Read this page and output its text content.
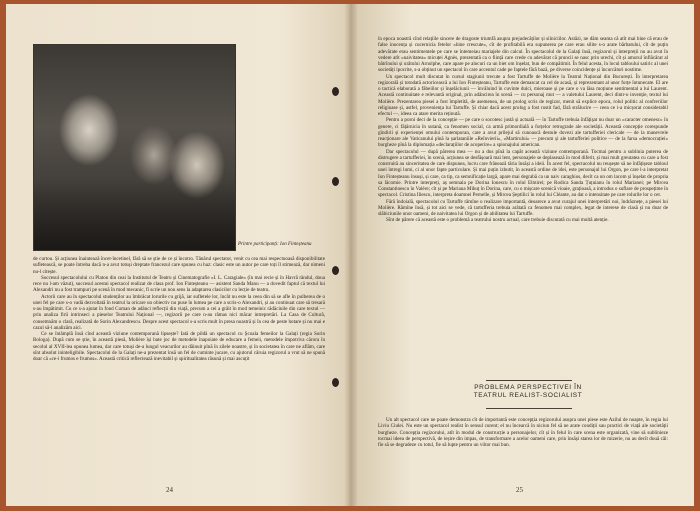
Printre participanți: Ion Finteșteanu

de curtou. Și acțiunea înaintează încet-încetinel, fără să se știe de ce și încotro. Tânărul spectator, venit cu cea mai respectuoasă disponibilitate sufletească, se poate întreba dacă n-a avut totuși dreptate francezul care spunea cu haz: clasic este un autor pe care toți îl stimează, dar nimeni nu-l citește.

Succesul spectacolului cu Platon din ceai la Institutul de Teatru și Cinematografie «I. L. Caragiale» (în mai recie și în Havră rândul, doua rece nu l-am văzut), succesul acestui spectacol realizat de clasa prof. Ion Finteșteanu — asistent Sanda Manu — a dovedit faptul că textul lui Alexandri nu a fost trampuri pe scenă în mod mecanic, fi scrie un nou sens la adaptarea clasicilor cu lecție de teatru.

Actorii care au în spectacolul studenților au îmbrăcat lorurile cu grijă, iar sufletele lor, încât nu este la ceea din să se afle în pulberea de o unei fel pe care s-o vadă dezvoltată în teatrul la oricare un obiectiv nu puse în lumea pe care a scris-o Alexandri, și au continuat care să tresară s-au împătimit. Cu ce s-a ajutat în fond Coman de adânci reflecții din viață, precum a cei a grăit în mod temeinic rădăcinile din care textul — prin analiza firii intrinseci a pieselor Teatrului Național —, regizorii pe care n-au rămas nici măcar intrepretări. La Casa de Cultură, consemnăm o clară, realizată de Sorin Alexandrescu. Despre acest spectacol s-a scris mult în presa noastră și în cea de peste hotare și nu mai e cazul să-l analizăm aici.

Ce se întâmplă însă cînd această viziune contemporană lipsește? Iată de pildă un spectacol cu Școala femeilor la Galați (regia Sorin Bologa). După cum se știe, în această piesă, Molière își bate joc de metodele înapoiate de educare a femeii, metodele împotriva cărora în secolul al XVII-lea opunea lumea, dar care totuși de-a lungul veacurilor au dăinuit pînă în zilele noastre, și în societatea în care ne aflăm, care sînt absolut ininteligibile. Spectacolul de la Galați ne-a prezentat însă un fel de cuminte jucare, cu ajutorul căruia regizorul a vrut să ne spună doar că «ce-i frumos e frumos». Această critică reflectează inevitabil și spiritualitatea răsună și mai ascuțit

24

în epoca noastră cînd relațiile sincere de dragoste triumfă asupra prejudecăților și silniciilor. Astăzi, ne dăm seama că atît mai bine că erau de false inocența și cucernicia fetelor «bine crescute», cît de profitabilă era supunerea pe care erau silite s-o arate bărbatului, cît de puțin adevărate erau sentimentele pe care se întemeiau mariajele din calcul. În spectacolul de la Galați însă, regizorul și interpreții nu au avut în vedere atît «naivitatea» micuței Agnès, prezentată ca o ființă care crede cu adevărat că pruncii se nasc prin urechi, cît și amorul înflăcărat al bătrînului și urâtului Arnolphe, care apare pe alocuri ca un biet om înșelat, bun de compătimit. În felul acesta, în locul tabloului satiric al unei societăți ipocrite, s-a obținut un spectacol în care accentul cade pe faptele fără bază, pe diverse coincidențe și încurcături nostime.

Un spectacol mult discutat în cursul stagiunii trecute a fost Tartuffe de Molière la Teatrul Național din București. În interpretarea regizorală și totodată actoricească a lui Ion Finteșteanu, Tartuffe este demascat ca cel de acasă, și reprezentant al unor forțe întunecate. El are o tactică elaborată a făbeiilor și înșelăciunii — învăluind în cuvinte dulci, mieroase și pe care o va lăsa moțiune sentimental a lui Laurent. Această continuitate e relevantă original, prin adâncirea în scenă — cu personaj mut — a valetului Laurent, deci dintr-o invenție, textul lui Molière. Prezentarea piesei a fost împletită, de asemenea, de un prolog scris de regizor, menit să explice epoca, rolul politic al confreriilor religioase și, astfel, proveniența lui Tartuffe. Și chiar dacă acest prolog a fost rostit fad, fără strălucire — ceea ce i-a micșorat considerabil efectul —, ideea ca atare merita reținută.

Pentru a porni deci de la concepție — pe care o socotesc justă și actuală — în Tartuffe trebuia înfățișat nu doar un «caracter omenesc» în genere, ci fățărnicia în sutană, ca fenomen social, ca armă primordială a forțelor retrograde ale societății. Această concepție corespunde gîndirii și experienței omului contemporan, care a avut prilejul să cunoască destule dovezi ale tartufferiei clericale — de la manevrele reacționare ale Vaticanului pînă la șarlataniile «Reînvierii», «Martirului» — precum și ale tartufferiei politice — de la farsa «democrației» burgheze pînă la diplomația «declarațiilor de acoperire» a spionajului american.

Dar spectacolul — după părerea mea — nu a dus pînă la capăt această viziune contemporană. Tocmai pentru a sublinia puterea de distrugere a tartufferiei, în scenă, acțiunea se desfășoară mai lent, personajele se deplasează în mod diferit, și mai mult greutatea cu care a fost construită au sinceritatea de care dispunea, lucru care frânează tăria însăși a ideii. În acest fel, spectacolul nu reușește să ne înfățișeze tabloul unei întregi lumi, ci al unor fapte particulare. Și mai puțin izbutit, în această ordine de idei, este personajul lui Orgon, pe care l-a interpretat Ion Finteșteanu însuși, și care, ca tip, ca semnificație largă, apare mai degrabă ca un naiv caraghios, decît ca un om lacom și înșelat de propria sa lăcomie. Printre interpreți, aș semnala pe Dorina Ionescu în rolul Elmirei; pe Rodica Sanda Țuțuianu în rolul Marianei; pe Mircea Constantinescu în Valère; cît și pe Mariana Mihuț în Dorina, care, cu o mișcare scenică vioaie, grațioasă, a introdus o suflare de prospețime în spectacol. Cristina Iliescu, interpreta doamnei Pernelle, și Mircea Șeptilici în rolul lui Cléante, au dat o intensitate pe care rolurile lor o cer.

Fără îndoială, spectacolul cu Tartuffe rămîne o realizare importantă, deoarece a avut curajul unei interpretări noi, îndrăznețe, a piesei lui Molière. Rămîne însă, și tot aici se vede, că tartufferia trebuia arătată ca fenomen mai complex, legat de interese de clasă și nu doar de slăbiciunile unor oameni, de naivitatea lui Orgon și de abilitatea lui Tartuffe.

Sînt de părere că această este o problemă a teatrului nostru actual, care trebuie discutată cu mai multă atenție.

Un alt spectacol care ne poate demonstra cît de importantă este concepția regizorului asupra unei piese este Azilul de noapte, în regia lui Liviu Ciulei. Nu este un spectacol realist în sensul curent; el nu încearcă în niciun fel să ne arate condiții sau practici de viață ale societății burgheze. Concepția regizorului, atît în modul de construcție a personajelor, cît și în felul în care scena este organizată, vine să sublinieze tocmai ideea de perspectivă, de ieșire din impas, de transformare a acelor oameni care, prin însăși starea lor de mizerie, nu au decît două căi: fie să se degradeze cu totul, fie să lupte pentru un viitor mai bun.

25
PROBLEMA PERSPECTIVEI ÎN TEATRUL REALIST-SOCIALIST
